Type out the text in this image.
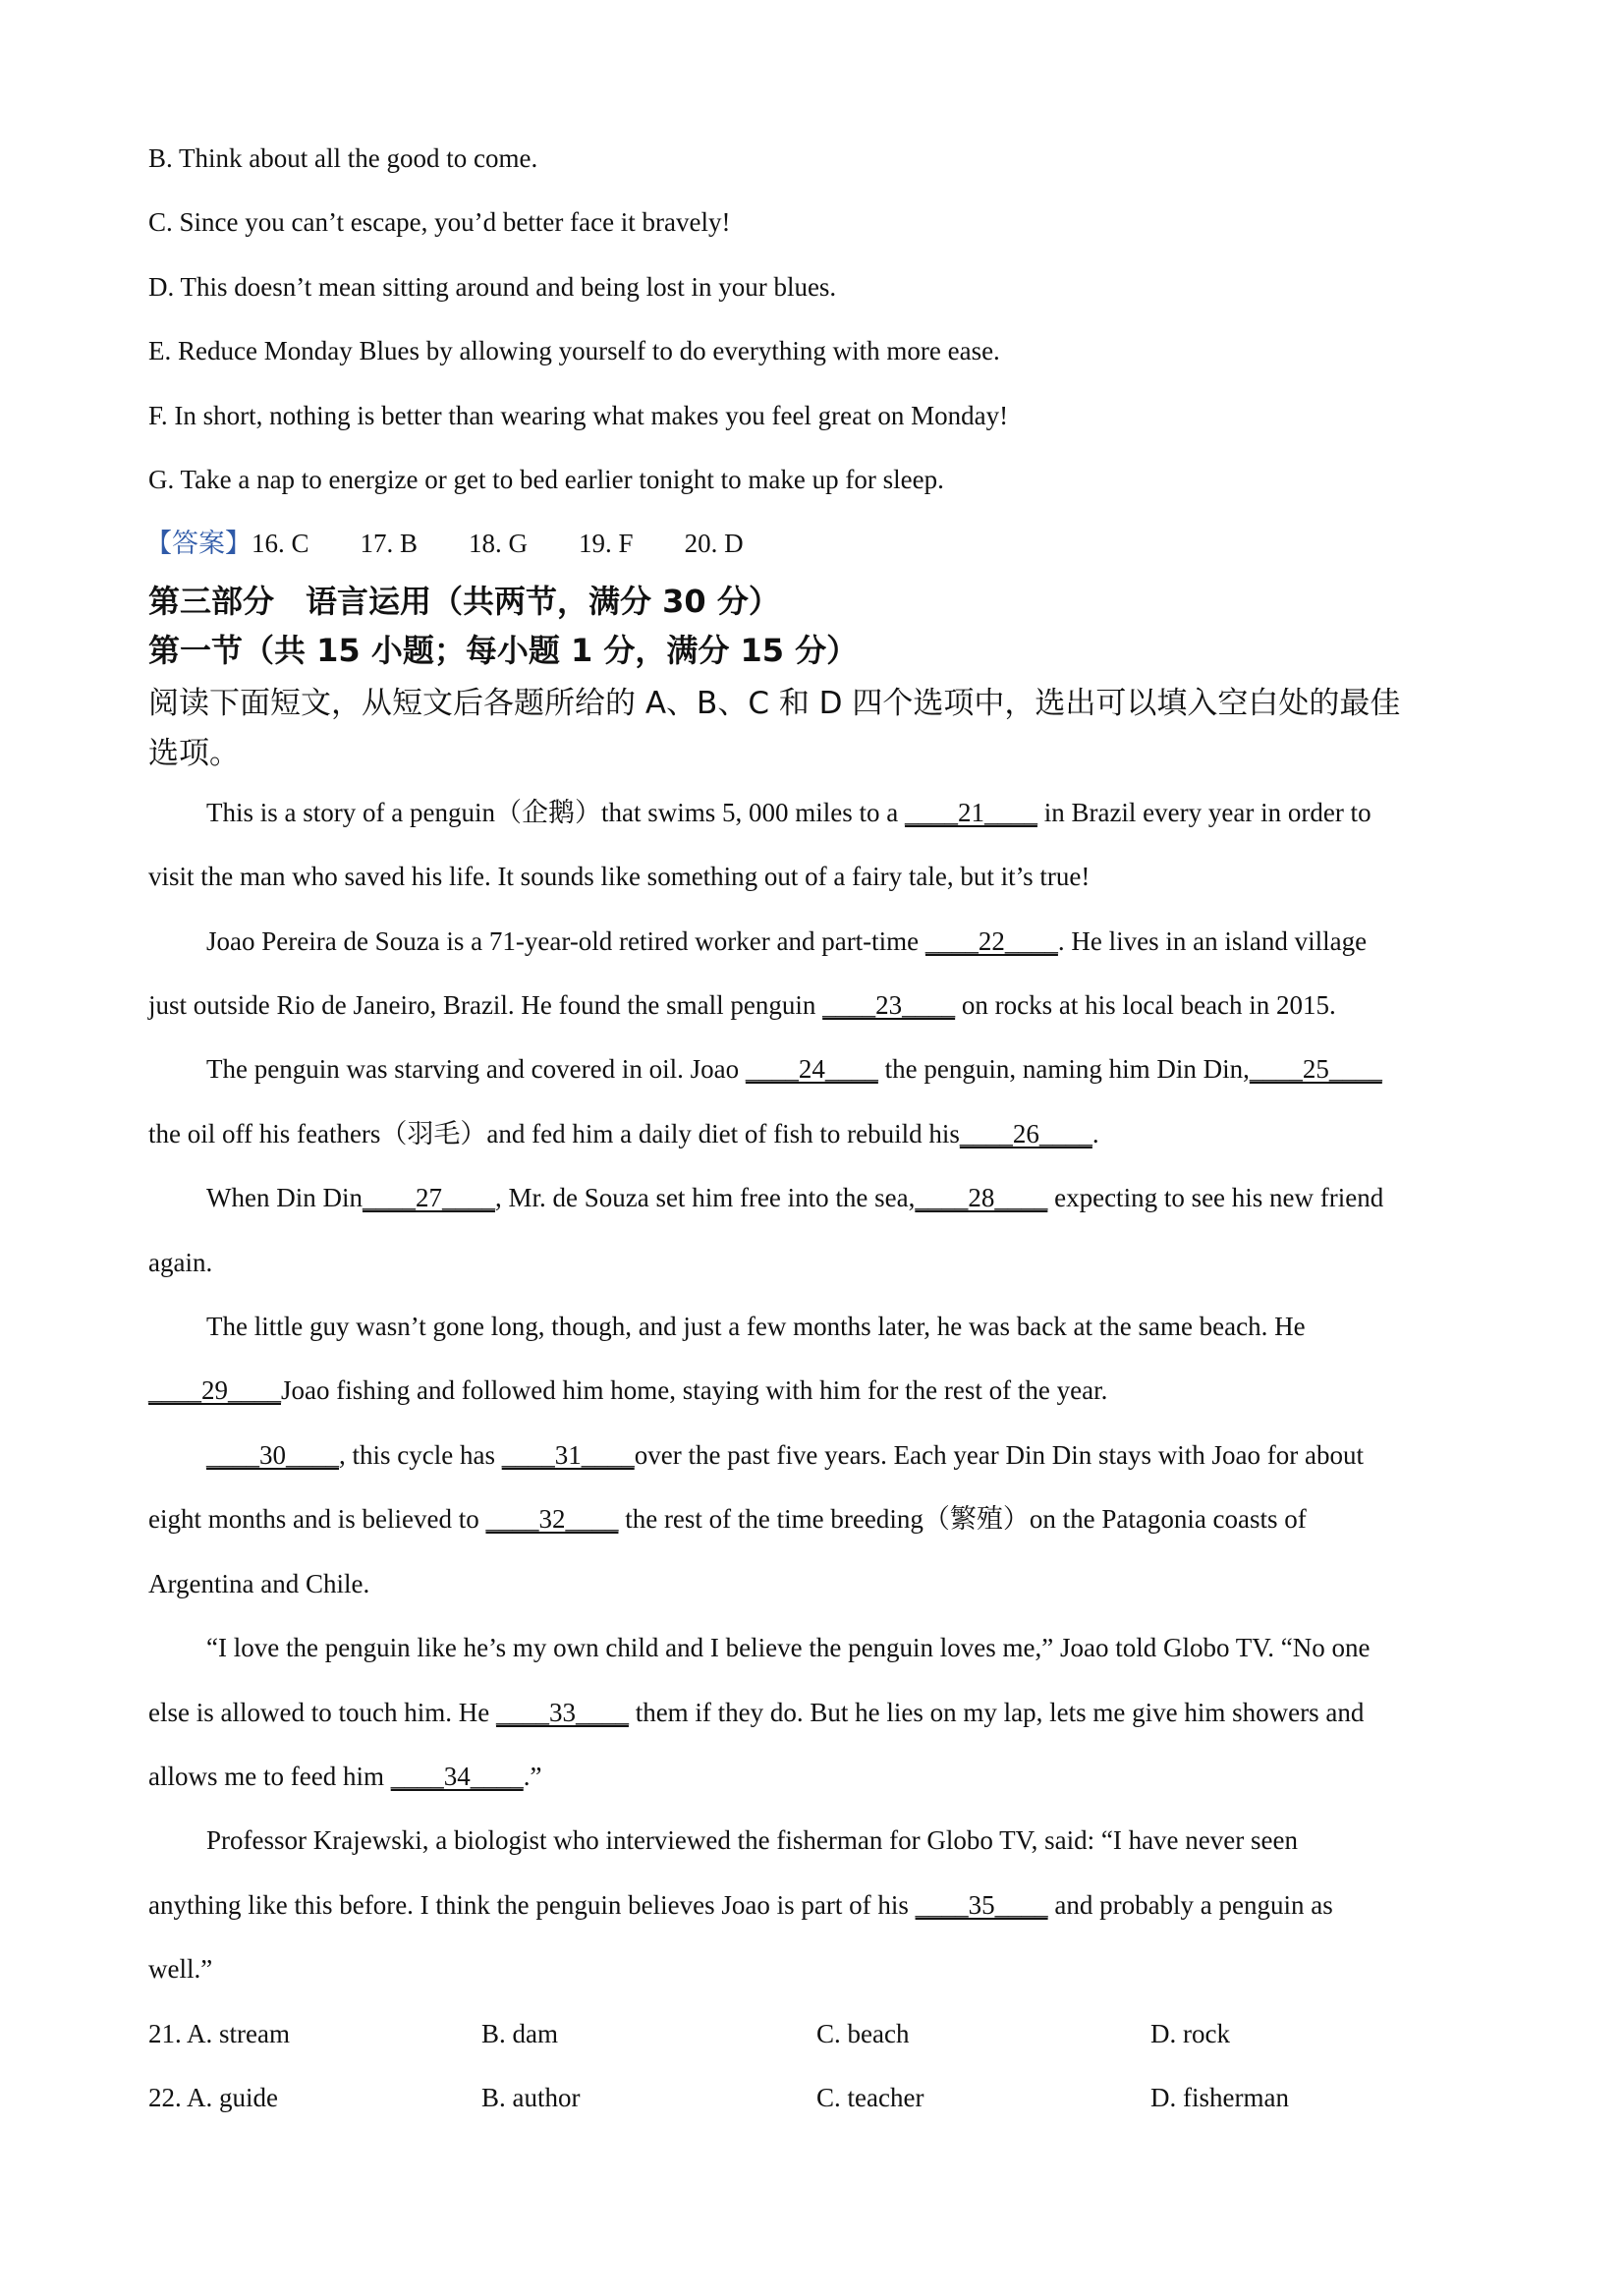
B. Think about all the good to come.
C. Since you can’t escape, you’d better face it bravely!
D. This doesn’t mean sitting around and being lost in your blues.
E. Reduce Monday Blues by allowing yourself to do everything with more ease.
F. In short, nothing is better than wearing what makes you feel great on Monday!
G. Take a nap to energize or get to bed earlier tonight to make up for sleep.
【答案】16. C 17. B 18. G 19. F 20. D
第三部分　语言运用（共两节，满分 30 分）
第一节（共 15 小题；每小题 1 分，满分 15 分）
阅读下面短文，从短文后各题所给的 A、B、C 和 D 四个选项中，选出可以填入空白处的最佳
选项。
This is a story of a penguin（企鹅）that swims 5, 000 miles to a ____21____ in Brazil every year in order to
visit the man who saved his life. It sounds like something out of a fairy tale, but it’s true!
Joao Pereira de Souza is a 71-year-old retired worker and part-time ____22____. He lives in an island village
just outside Rio de Janeiro, Brazil. He found the small penguin ____23____ on rocks at his local beach in 2015.
The penguin was starving and covered in oil. Joao ____24____ the penguin, naming him Din Din,____25____
the oil off his feathers（羽毛）and fed him a daily diet of fish to rebuild his____26____.
When Din Din____27____, Mr. de Souza set him free into the sea,____28____ expecting to see his new friend
again.
The little guy wasn’t gone long, though, and just a few months later, he was back at the same beach. He
____29____Joao fishing and followed him home, staying with him for the rest of the year.
____30____, this cycle has ____31____over the past five years. Each year Din Din stays with Joao for about
eight months and is believed to ____32____ the rest of the time breeding（繁殖）on the Patagonia coasts of
Argentina and Chile.
“I love the penguin like he’s my own child and I believe the penguin loves me,” Joao told Globo TV. “No one
else is allowed to touch him. He ____33____ them if they do. But he lies on my lap, lets me give him showers and
allows me to feed him ____34____.”
Professor Krajewski, a biologist who interviewed the fisherman for Globo TV, said: “I have never seen
anything like this before. I think the penguin believes Joao is part of his ____35____ and probably a penguin as
well.”
21. A. stream	B. dam	C. beach	D. rock
22. A. guide	B. author	C. teacher	D. fisherman
